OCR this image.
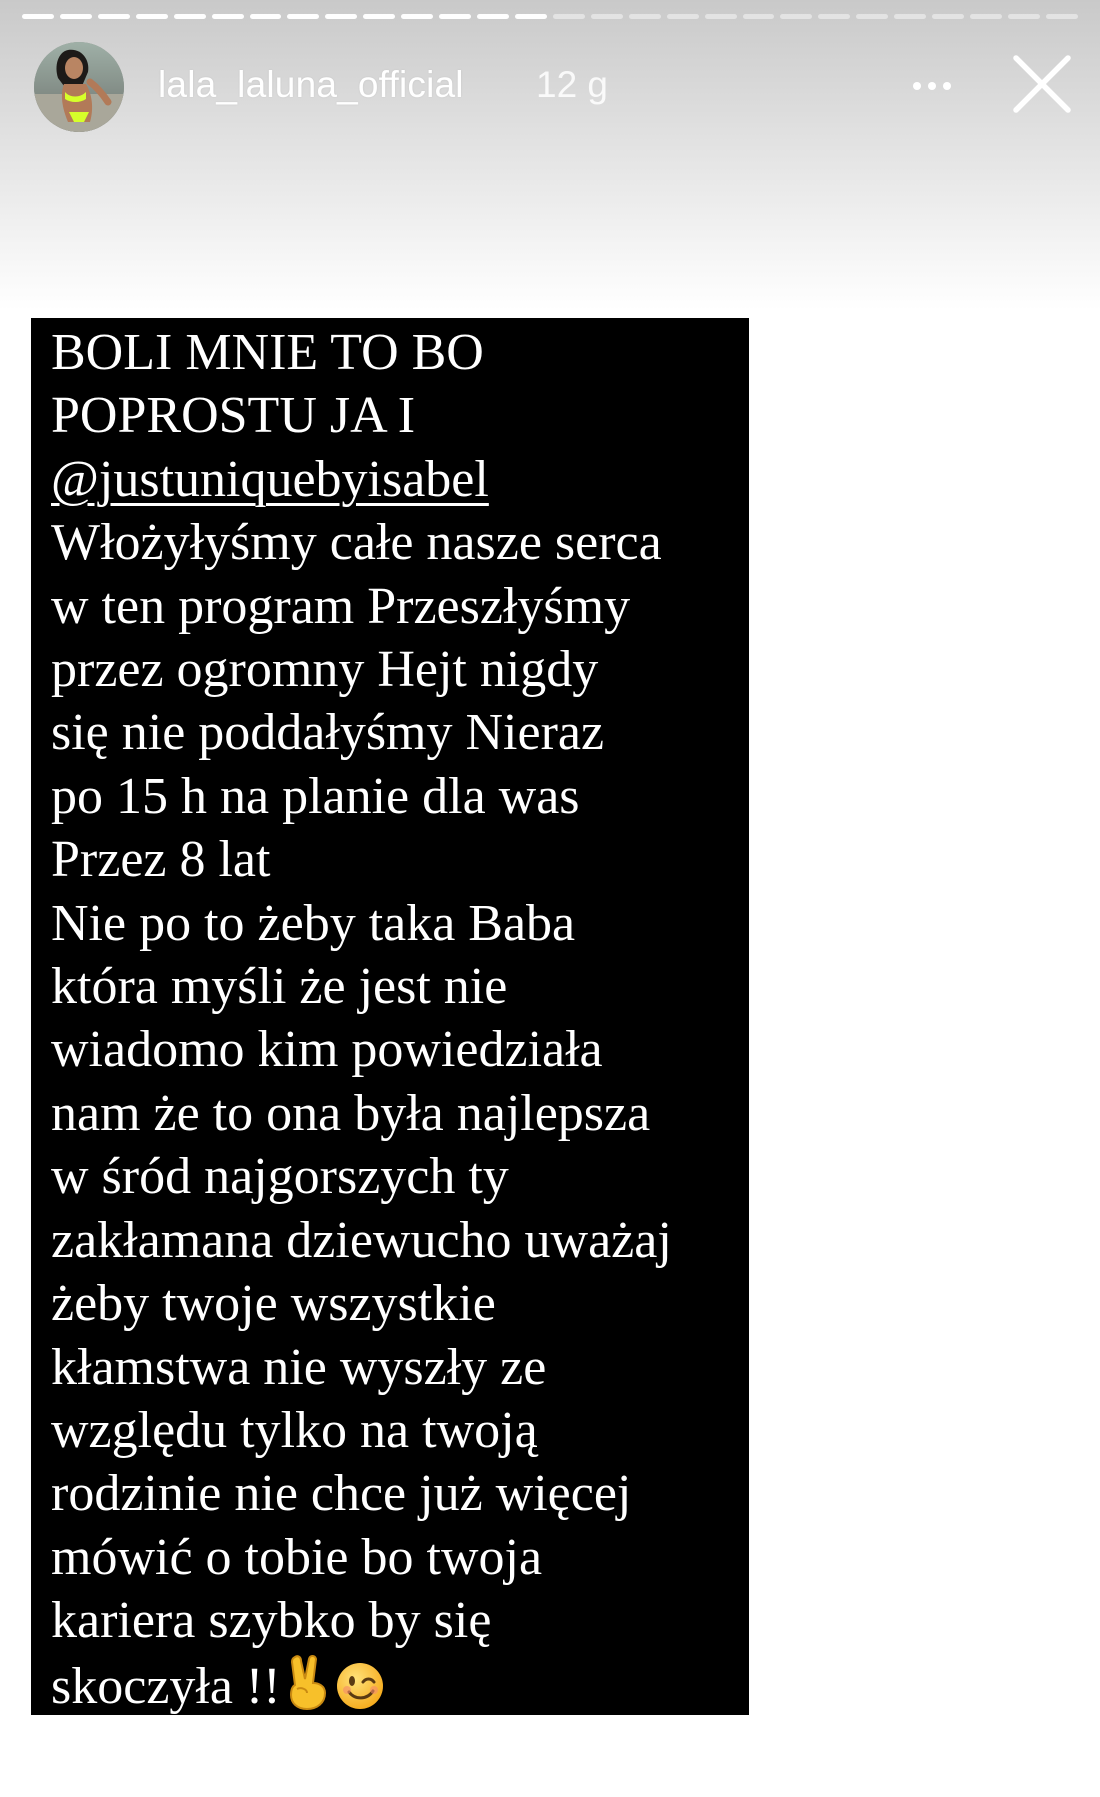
lala_laluna_official 12 g

BOLI MNIE TO BO
POPROSTU JA I
@justuniquebyisabel
Włożyłyśmy całe nasze serca
w ten program Przeszłyśmy
przez ogromny Hejt nigdy
się nie poddałyśmy Nieraz
po 15 h na planie dla was
Przez 8 lat
Nie po to żeby taka Baba
która myśli że jest nie
wiadomo kim powiedziała
nam że to ona była najlepsza
w śród najgorszych ty
zakłamana dziewucho uważaj
żeby twoje wszystkie
kłamstwa nie wyszły ze
względu tylko na twoją
rodzinie nie chce już więcej
mówić o tobie bo twoja
kariera szybko by się
skoczyła !!
